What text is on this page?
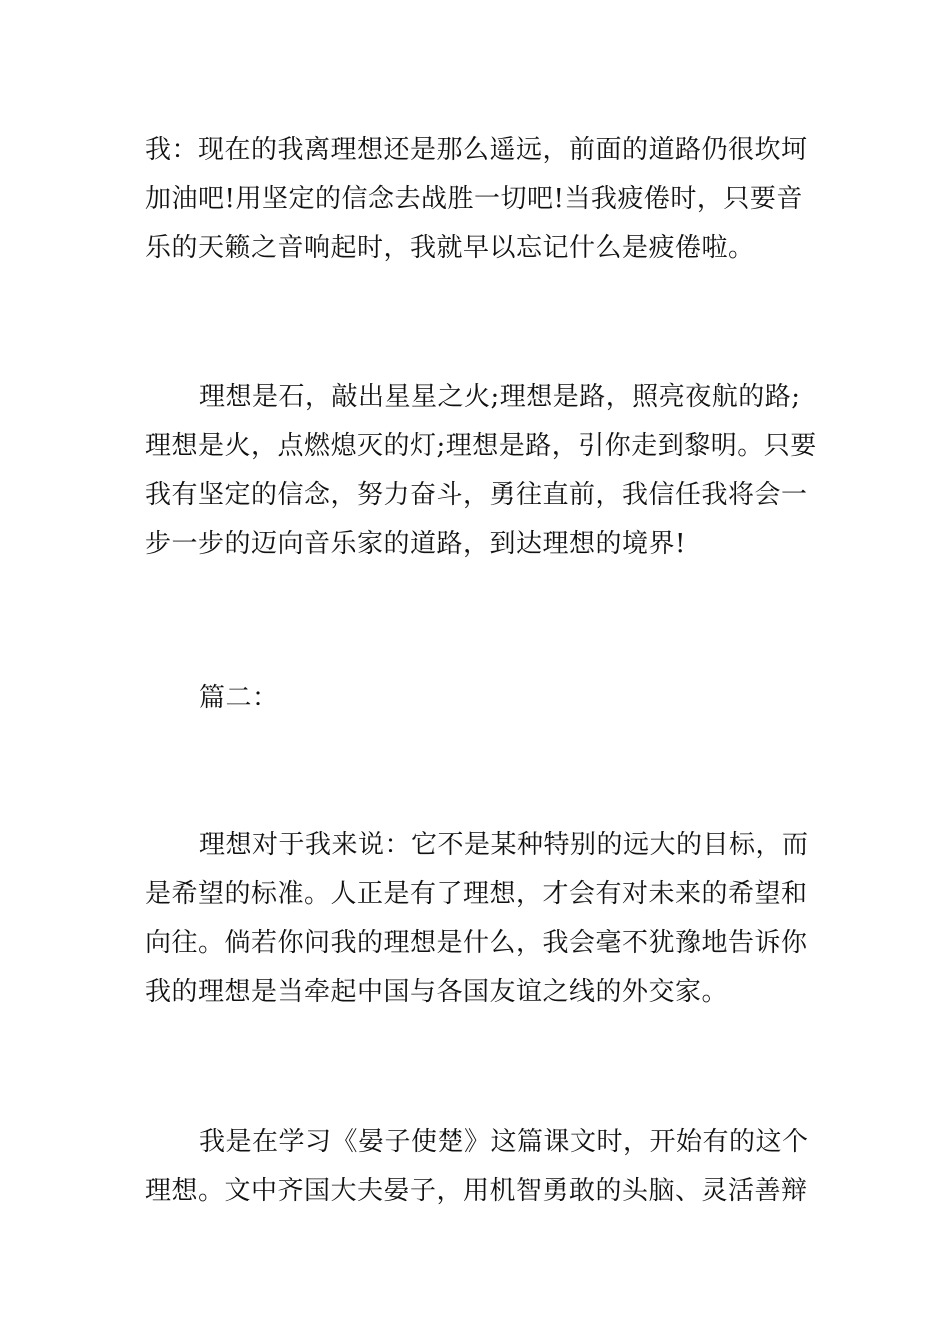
我：现在的我离理想还是那么遥远，前面的道路仍很坎坷
加油吧!用坚定的信念去战胜一切吧!当我疲倦时，只要音
乐的天籁之音响起时，我就早以忘记什么是疲倦啦。
理想是石，敲出星星之火;理想是路，照亮夜航的路;
理想是火，点燃熄灭的灯;理想是路，引你走到黎明。只要
我有坚定的信念，努力奋斗，勇往直前，我信任我将会一
步一步的迈向音乐家的道路，到达理想的境界!
篇二：
理想对于我来说：它不是某种特别的远大的目标，而
是希望的标准。人正是有了理想，才会有对未来的希望和
向往。倘若你问我的理想是什么，我会毫不犹豫地告诉你
我的理想是当牵起中国与各国友谊之线的外交家。
我是在学习《晏子使楚》这篇课文时，开始有的这个
理想。文中齐国大夫晏子，用机智勇敢的头脑、灵活善辩
